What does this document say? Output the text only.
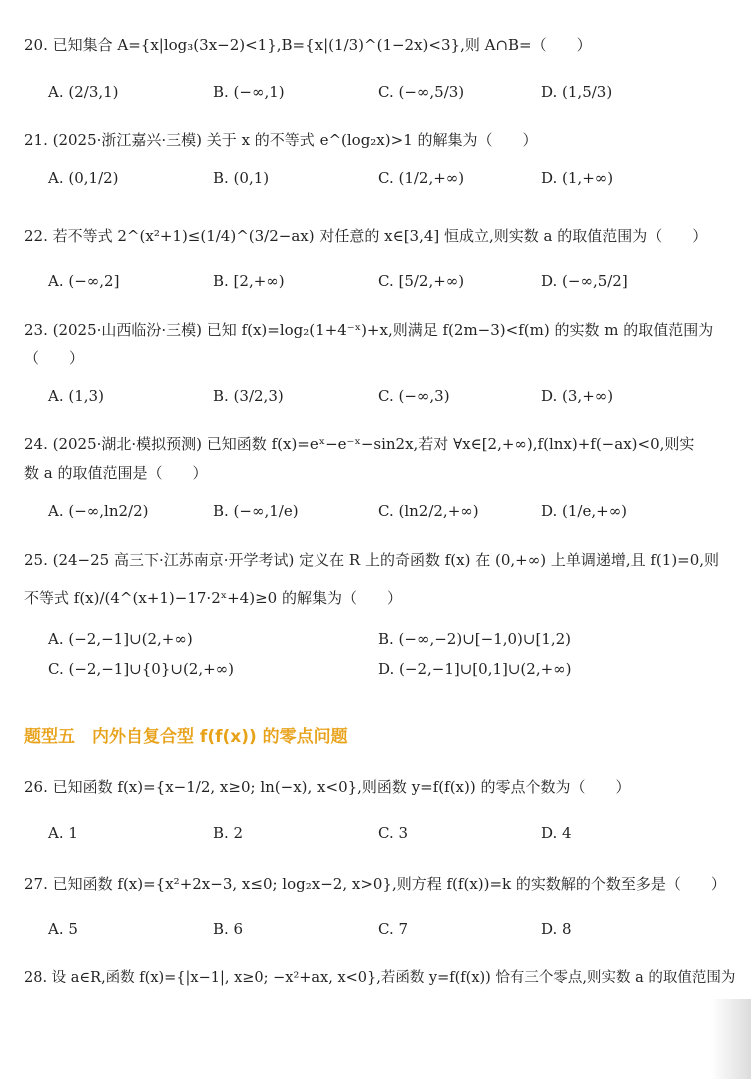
20. 已知集合 A={x|log₃(3x−2)<1},B={x|(1/3)^(1−2x)<3},则 A∩B=（　　）
A. (2/3,1)	B. (−∞,1)	C. (−∞,5/3)	D. (1,5/3)
21. (2025·浙江嘉兴·三模) 关于 x 的不等式 e^(log₂x)>1 的解集为（　　）
A. (0,1/2)	B. (0,1)	C. (1/2,+∞)	D. (1,+∞)
22. 若不等式 2^(x²+1)≤(1/4)^(3/2−ax) 对任意的 x∈[3,4] 恒成立,则实数 a 的取值范围为（　　）
A. (−∞,2]	B. [2,+∞)	C. [5/2,+∞)	D. (−∞,5/2]
23. (2025·山西临汾·三模) 已知 f(x)=log₂(1+4⁻ˣ)+x,则满足 f(2m−3)<f(m) 的实数 m 的取值范围为
（　　）
A. (1,3)	B. (3/2,3)	C. (−∞,3)	D. (3,+∞)
24. (2025·湖北·模拟预测) 已知函数 f(x)=eˣ−e⁻ˣ−sin2x,若对 ∀x∈[2,+∞),f(lnx)+f(−ax)<0,则实
数 a 的取值范围是（　　）
A. (−∞,ln2/2)	B. (−∞,1/e)	C. (ln2/2,+∞)	D. (1/e,+∞)
25. (24−25 高三下·江苏南京·开学考试) 定义在 R 上的奇函数 f(x) 在 (0,+∞) 上单调递增,且 f(1)=0,则
不等式 f(x)/(4^(x+1)−17·2ˣ+4)≥0 的解集为（　　）
A. (−2,−1]∪(2,+∞)	B. (−∞,−2)∪[−1,0)∪[1,2)
C. (−2,−1]∪{0}∪(2,+∞)	D. (−2,−1]∪[0,1]∪(2,+∞)
题型五　内外自复合型 f(f(x)) 的零点问题
26. 已知函数 f(x)={x−1/2, x≥0; ln(−x), x<0},则函数 y=f(f(x)) 的零点个数为（　　）
A. 1	B. 2	C. 3	D. 4
27. 已知函数 f(x)={x²+2x−3, x≤0; log₂x−2, x>0},则方程 f(f(x))=k 的实数解的个数至多是（　　）
A. 5	B. 6	C. 7	D. 8
28. 设 a∈R,函数 f(x)={|x−1|, x≥0; −x²+ax, x<0},若函数 y=f(f(x)) 恰有三个零点,则实数 a 的取值范围为
